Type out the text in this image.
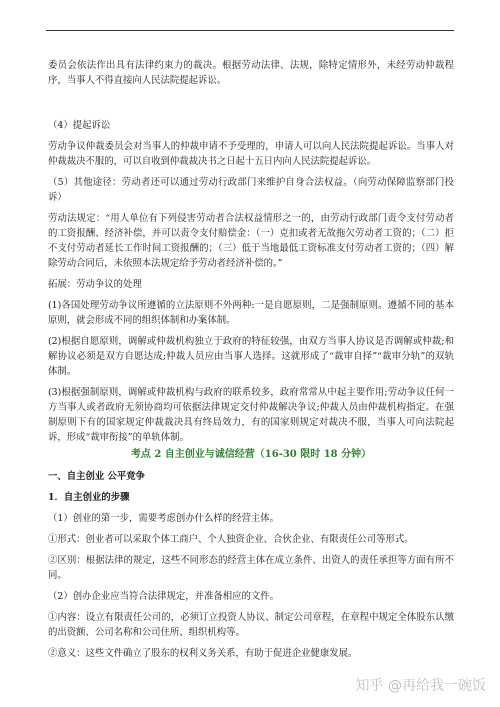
委员会依法作出具有法律约束力的裁决。根据劳动法律、法规，除特定情形外，未经劳动仲裁程序，当事人不得直接向人民法院提起诉讼。

（4）提起诉讼

劳动争议仲裁委员会对当事人的仲裁申请不予受理的，申请人可以向人民法院提起诉讼。当事人对仲裁裁决不服的，可以自收到仲裁裁决书之日起十五日内向人民法院提起诉讼。

（5）其他途径：劳动者还可以通过劳动行政部门来维护自身合法权益。（向劳动保障监察部门投诉）

劳动法规定：“用人单位有下列侵害劳动者合法权益情形之一的，由劳动行政部门责令支付劳动者的工资报酬、经济补偿，并可以责令支付赔偿金：（一）克扣或者无故拖欠劳动者工资的；（二）拒不支付劳动者延长工作时间工资报酬的；（三）低于当地最低工资标准支付劳动者工资的；（四）解除劳动合同后，未依照本法规定给予劳动者经济补偿的。”

拓展：劳动争议的处理

(1)各国处理劳动争议所遵循的立法原则不外两种:一是自愿原则，二是强制原则。遵循不同的基本原则，就会形成不同的组织体制和办案体制。

(2)根据自愿原则，调解或仲裁机构独立于政府的特征较强，由双方当事人协议是否调解或仲裁;和解协议必须是双方自愿达成;仲裁人员应由当事人选择。这就形成了“裁审自择”“裁审分轨”的双轨体制。

(3)根据强制原则，调解或仲裁机构与政府的联系较多，政府常常从中起主要作用;劳动争议任何一方当事人或者政府无须协商均可依据法律规定交付仲裁解决争议;仲裁人员由仲裁机构指定。在强制原则下有的国家规定仲裁裁决具有终局效力，有的国家则规定对裁决不服，当事人可向法院起诉，形成“裁审衔接”的单轨体制。

考点 2 自主创业与诚信经营（16-30 限时 18 分钟）

一、自主创业 公平竞争

1．自主创业的步骤

（1）创业的第一步，需要考虑创办什么样的经营主体。

①形式：创业者可以采取个体工商户、个人独资企业、合伙企业、有限责任公司等形式。

②区别：根据法律的规定，这些不同形态的经营主体在成立条件、出资人的责任承担等方面有所不同。

（2）创办企业应当符合法律规定，并准备相应的文件。

①内容：设立有限责任公司的，必须订立投资人协议、制定公司章程，在章程中规定全体股东认缴的出资额、公司名称和公司住所、组织机构等。

②意义：这些文件确立了股东的权利义务关系，有助于促进企业健康发展。

知乎 @再给我一碗饭
